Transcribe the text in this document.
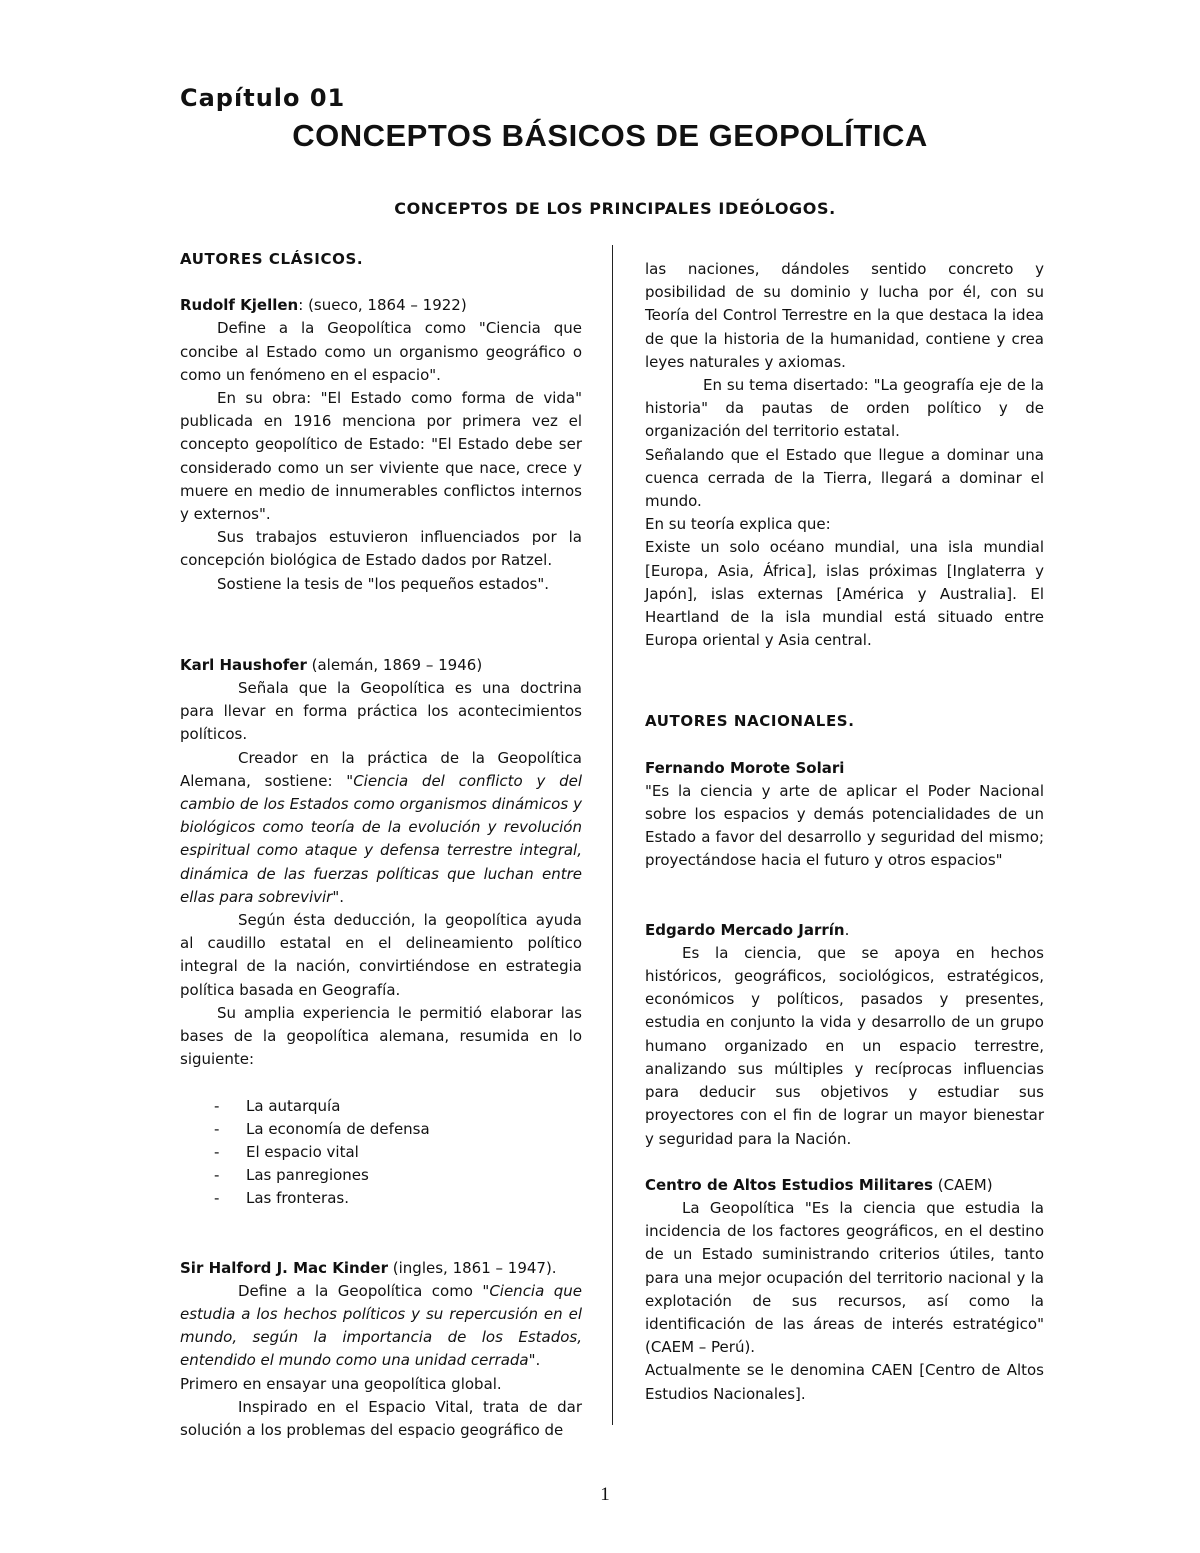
Capítulo 01
CONCEPTOS BÁSICOS DE GEOPOLÍTICA
CONCEPTOS DE LOS PRINCIPALES IDEÓLOGOS.

AUTORES CLÁSICOS.

Rudolf Kjellen: (sueco, 1864 – 1922)

Define a la Geopolítica como "Ciencia que concibe al Estado como un organismo geográfico o como un fenómeno en el espacio".

En su obra: "El Estado como forma de vida" publicada en 1916 menciona por primera vez el concepto geopolítico de Estado: "El Estado debe ser considerado como un ser viviente que nace, crece y muere en medio de innumerables conflictos internos y externos".

Sus trabajos estuvieron influenciados por la concepción biológica de Estado dados por Ratzel.

Sostiene la tesis de "los pequeños estados".

Karl Haushofer (alemán, 1869 – 1946)

Señala que la Geopolítica es una doctrina para llevar en forma práctica los acontecimientos políticos.

Creador en la práctica de la Geopolítica Alemana, sostiene: "Ciencia del conflicto y del cambio de los Estados como organismos dinámicos y biológicos como teoría de la evolución y revolución espiritual como ataque y defensa terrestre integral, dinámica de las fuerzas políticas que luchan entre ellas para sobrevivir".

Según ésta deducción, la geopolítica ayuda al caudillo estatal en el delineamiento político integral de la nación, convirtiéndose en estrategia política basada en Geografía.

Su amplia experiencia le permitió elaborar las bases de la geopolítica alemana, resumida en lo siguiente:

- La autarquía
- La economía de defensa
- El espacio vital
- Las panregiones
- Las fronteras.

Sir Halford J. Mac Kinder (ingles, 1861 – 1947).

Define a la Geopolítica como "Ciencia que estudia a los hechos políticos y su repercusión en el mundo, según la importancia de los Estados, entendido el mundo como una unidad cerrada".

Primero en ensayar una geopolítica global.

Inspirado en el Espacio Vital, trata de dar solución a los problemas del espacio geográfico de

las naciones, dándoles sentido concreto y posibilidad de su dominio y lucha por él, con su Teoría del Control Terrestre en la que destaca la idea de que la historia de la humanidad, contiene y crea leyes naturales y axiomas.

En su tema disertado: "La geografía eje de la historia" da pautas de orden político y de organización del territorio estatal.

Señalando que el Estado que llegue a dominar una cuenca cerrada de la Tierra, llegará a dominar el mundo.

En su teoría explica que:

Existe un solo océano mundial, una isla mundial [Europa, Asia, África], islas próximas [Inglaterra y Japón], islas externas [América y Australia]. El Heartland de la isla mundial está situado entre Europa oriental y Asia central.

AUTORES NACIONALES.

Fernando Morote Solari

"Es la ciencia y arte de aplicar el Poder Nacional sobre los espacios y demás potencialidades de un Estado a favor del desarrollo y seguridad del mismo; proyectándose hacia el futuro y otros espacios"

Edgardo Mercado Jarrín.

Es la ciencia, que se apoya en hechos históricos, geográficos, sociológicos, estratégicos, económicos y políticos, pasados y presentes, estudia en conjunto la vida y desarrollo de un grupo humano organizado en un espacio terrestre, analizando sus múltiples y recíprocas influencias para deducir sus objetivos y estudiar sus proyectores con el fin de lograr un mayor bienestar y seguridad para la Nación.

Centro de Altos Estudios Militares (CAEM)

La Geopolítica "Es la ciencia que estudia la incidencia de los factores geográficos, en el destino de un Estado suministrando criterios útiles, tanto para una mejor ocupación del territorio nacional y la explotación de sus recursos, así como la identificación de las áreas de interés estratégico" (CAEM – Perú).

Actualmente se le denomina CAEN [Centro de Altos Estudios Nacionales].

1
